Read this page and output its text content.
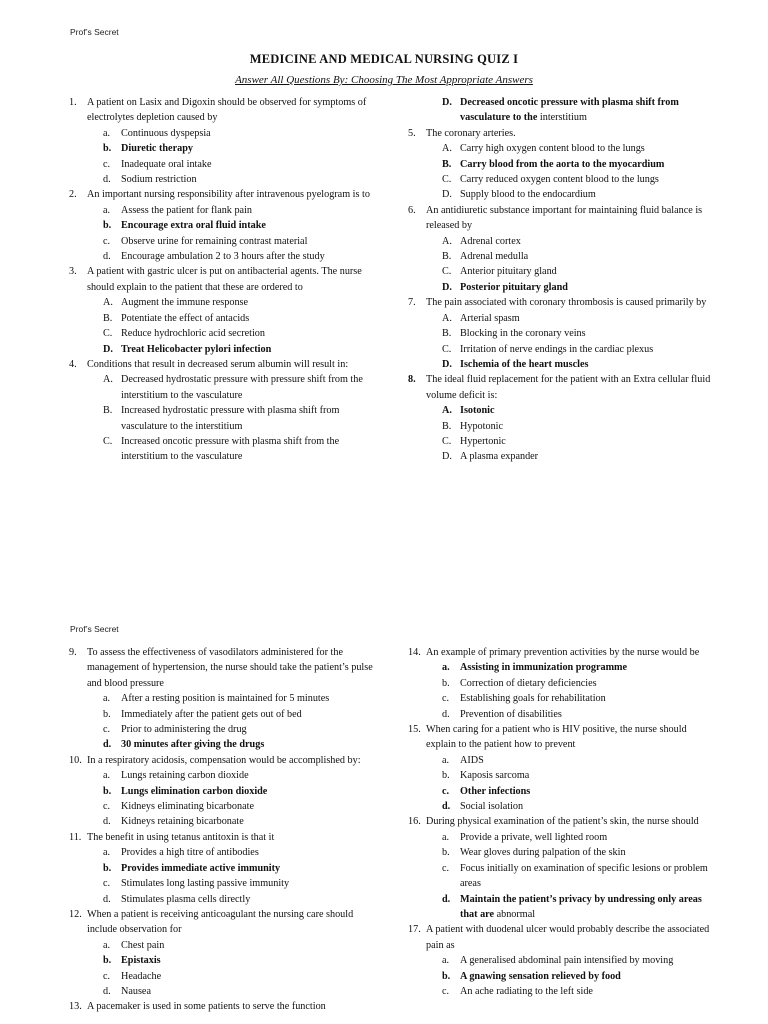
Prof’s Secret
MEDICINE AND MEDICAL NURSING QUIZ I
Answer All Questions By: Choosing The Most Appropriate Answers
1. A patient on Lasix and Digoxin should be observed for symptoms of electrolytes depletion caused by
a. Continuous dyspepsia
b. Diuretic therapy
c. Inadequate oral intake
d. Sodium restriction
2. An important nursing responsibility after intravenous pyelogram is to
a. Assess the patient for flank pain
b. Encourage extra oral fluid intake
c. Observe urine for remaining contrast material
d. Encourage ambulation 2 to 3 hours after the study
3. A patient with gastric ulcer is put on antibacterial agents. The nurse should explain to the patient that these are ordered to
A. Augment the immune response
B. Potentiate the effect of antacids
C. Reduce hydrochloric acid secretion
D. Treat Helicobacter pylori infection
4. Conditions that result in decreased serum albumin will result in:
A. Decreased hydrostatic pressure with pressure shift from the interstitium to the vasculature
B. Increased hydrostatic pressure with plasma shift from vasculature to the interstitium
C. Increased oncotic pressure with plasma shift from the interstitium to the vasculature
D. Decreased oncotic pressure with plasma shift from vasculature to the interstitium
5. The coronary arteries.
A. Carry high oxygen content blood to the lungs
B. Carry blood from the aorta to the myocardium
C. Carry reduced oxygen content blood to the lungs
D. Supply blood to the endocardium
6. An antidiuretic substance important for maintaining fluid balance is released by
A. Adrenal cortex
B. Adrenal medulla
C. Anterior pituitary gland
D. Posterior pituitary gland
7. The pain associated with coronary thrombosis is caused primarily by
A. Arterial spasm
B. Blocking in the coronary veins
C. Irritation of nerve endings in the cardiac plexus
D. Ischemia of the heart muscles
8. The ideal fluid replacement for the patient with an Extra cellular fluid volume deficit is:
A. Isotonic
B. Hypotonic
C. Hypertonic
D. A plasma expander
Prof’s Secret
9. To assess the effectiveness of vasodilators administered for the management of hypertension, the nurse should take the patient’s pulse and blood pressure
a. After a resting position is maintained for 5 minutes
b. Immediately after the patient gets out of bed
c. Prior to administering the drug
d. 30 minutes after giving the drugs
10. In a respiratory acidosis, compensation would be accomplished by:
a. Lungs retaining carbon dioxide
b. Lungs elimination carbon dioxide
c. Kidneys eliminating bicarbonate
d. Kidneys retaining bicarbonate
11. The benefit in using tetanus antitoxin is that it
a. Provides a high titre of antibodies
b. Provides immediate active immunity
c. Stimulates long lasting passive immunity
d. Stimulates plasma cells directly
12. When a patient is receiving anticoagulant the nursing care should include observation for
a. Chest pain
b. Epistaxis
c. Headache
d. Nausea
13. A pacemaker is used in some patients to serve the function
14. An example of primary prevention activities by the nurse would be
a. Assisting in immunization programme
b. Correction of dietary deficiencies
c. Establishing goals for rehabilitation
d. Prevention of disabilities
15. When caring for a patient who is HIV positive, the nurse should explain to the patient how to prevent
a. AIDS
b. Kaposis sarcoma
c. Other infections
d. Social isolation
16. During physical examination of the patient’s skin, the nurse should
a. Provide a private, well lighted room
b. Wear gloves during palpation of the skin
c. Focus initially on examination of specific lesions or problem areas
d. Maintain the patient’s privacy by undressing only areas that are abnormal
17. A patient with duodenal ulcer would probably describe the associated pain as
a. A generalised abdominal pain intensified by moving
b. A gnawing sensation relieved by food
c. An ache radiating to the left side
